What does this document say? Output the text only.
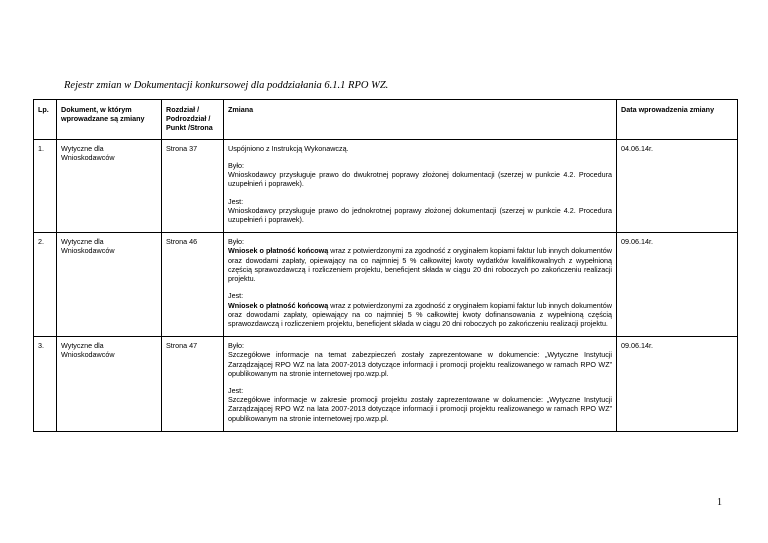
Rejestr zmian w Dokumentacji konkursowej dla poddziałania 6.1.1 RPO WZ.
Lp.	Dokument, w którym wprowadzane są zmiany	Rozdział / Podrozdział / Punkt /Strona	Zmiana	Data wprowadzenia zmiany
1.	Wytyczne dla Wnioskodawców	Strona 37	Uspójniono z Instrukcją Wykonawczą.

Było:
Wnioskodawcy przysługuje prawo do dwukrotnej poprawy złożonej dokumentacji (szerzej w punkcie 4.2. Procedura uzupełnień i poprawek).

Jest:
Wnioskodawcy przysługuje prawo do jednokrotnej poprawy złożonej dokumentacji (szerzej w punkcie 4.2. Procedura uzupełnień i poprawek).	04.06.14r.
2.	Wytyczne dla Wnioskodawców	Strona 46	Było:
Wniosek o płatność końcową wraz z potwierdzonymi za zgodność z oryginałem kopiami faktur lub innych dokumentów oraz dowodami zapłaty, opiewający na co najmniej 5 % całkowitej kwoty wydatków kwalifikowalnych z wypełnioną częścią sprawozdawczą i rozliczeniem projektu, beneficjent składa w ciągu 20 dni roboczych po zakończeniu realizacji projektu.

Jest:
Wniosek o płatność końcową wraz z potwierdzonymi za zgodność z oryginałem kopiami faktur lub innych dokumentów oraz dowodami zapłaty, opiewający na co najmniej 5 % całkowitej kwoty dofinansowania z wypełnioną częścią sprawozdawczą i rozliczeniem projektu, beneficjent składa w ciągu 20 dni roboczych po zakończeniu realizacji projektu.	09.06.14r.
3.	Wytyczne dla Wnioskodawców	Strona 47	Było:
Szczegółowe informacje na temat zabezpieczeń zostały zaprezentowane w dokumencie: „Wytyczne Instytucji Zarządzającej RPO WZ na lata 2007-2013 dotyczące informacji i promocji projektu realizowanego w ramach RPO WZ” opublikowanym na stronie internetowej rpo.wzp.pl.

Jest:
Szczegółowe informacje w zakresie promocji projektu zostały zaprezentowane w dokumencie: „Wytyczne Instytucji Zarządzającej RPO WZ na lata 2007-2013 dotyczące informacji i promocji projektu realizowanego w ramach RPO WZ” opublikowanym na stronie internetowej rpo.wzp.pl.	09.06.14r.
1
